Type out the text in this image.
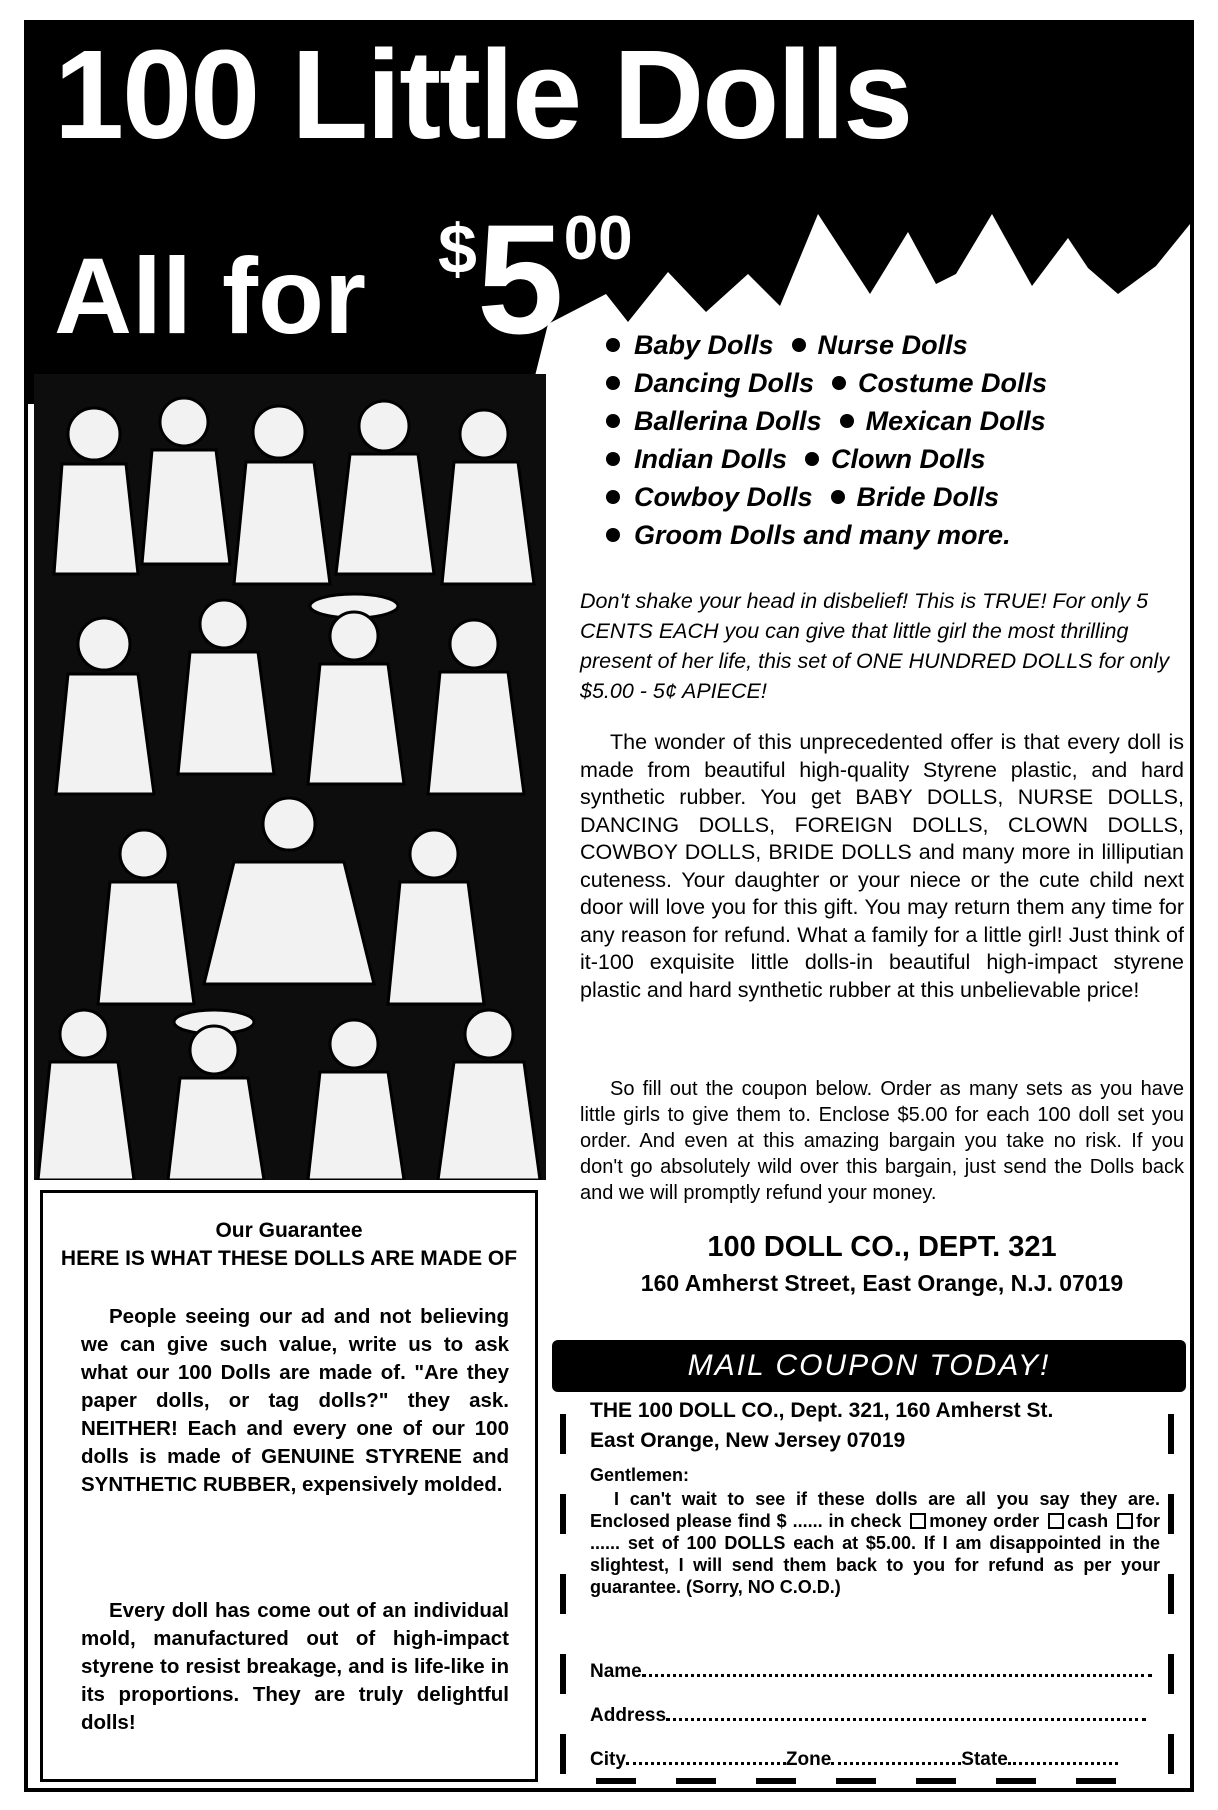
100 Little Dolls
All for $500
Baby Dolls Nurse Dolls
Dancing Dolls Costume Dolls
Ballerina Dolls Mexican Dolls
Indian Dolls Clown Dolls
Cowboy Dolls Bride Dolls
Groom Dolls and many more.
Don't shake your head in disbelief! This is TRUE! For only 5 CENTS EACH you can give that little girl the most thrilling present of her life, this set of ONE HUNDRED DOLLS for only $5.00 - 5¢ APIECE!
The wonder of this unprecedented offer is that every doll is made from beautiful high-quality Styrene plastic, and hard synthetic rubber. You get BABY DOLLS, NURSE DOLLS, DANCING DOLLS, FOREIGN DOLLS, CLOWN DOLLS, COWBOY DOLLS, BRIDE DOLLS and many more in lilliputian cuteness. Your daughter or your niece or the cute child next door will love you for this gift. You may return them any time for any reason for refund. What a family for a little girl! Just think of it-100 exquisite little dolls-in beautiful high-impact styrene plastic and hard synthetic rubber at this unbelievable price!
So fill out the coupon below. Order as many sets as you have little girls to give them to. Enclose $5.00 for each 100 doll set you order. And even at this amazing bargain you take no risk. If you don't go absolutely wild over this bargain, just send the Dolls back and we will promptly refund your money.
100 DOLL CO., DEPT. 321
160 Amherst Street, East Orange, N.J. 07019
Our Guarantee
HERE IS WHAT THESE DOLLS ARE MADE OF
People seeing our ad and not believing we can give such value, write us to ask what our 100 Dolls are made of. "Are they paper dolls, or tag dolls?" they ask. NEITHER! Each and every one of our 100 dolls is made of GENUINE STYRENE and SYNTHETIC RUBBER, expensively molded.
Every doll has come out of an individual mold, manufactured out of high-impact styrene to resist breakage, and is life-like in its proportions. They are truly delightful dolls!
MAIL COUPON TODAY!
THE 100 DOLL CO., Dept. 321, 160 Amherst St.
East Orange, New Jersey 07019
Gentlemen:
I can't wait to see if these dolls are all you say they are. Enclosed please find $ ...... in check money order cash for ...... set of 100 DOLLS each at $5.00. If I am disappointed in the slightest, I will send them back to you for refund as per your guarantee. (Sorry, NO C.O.D.)
Name
Address
City	Zone	State
